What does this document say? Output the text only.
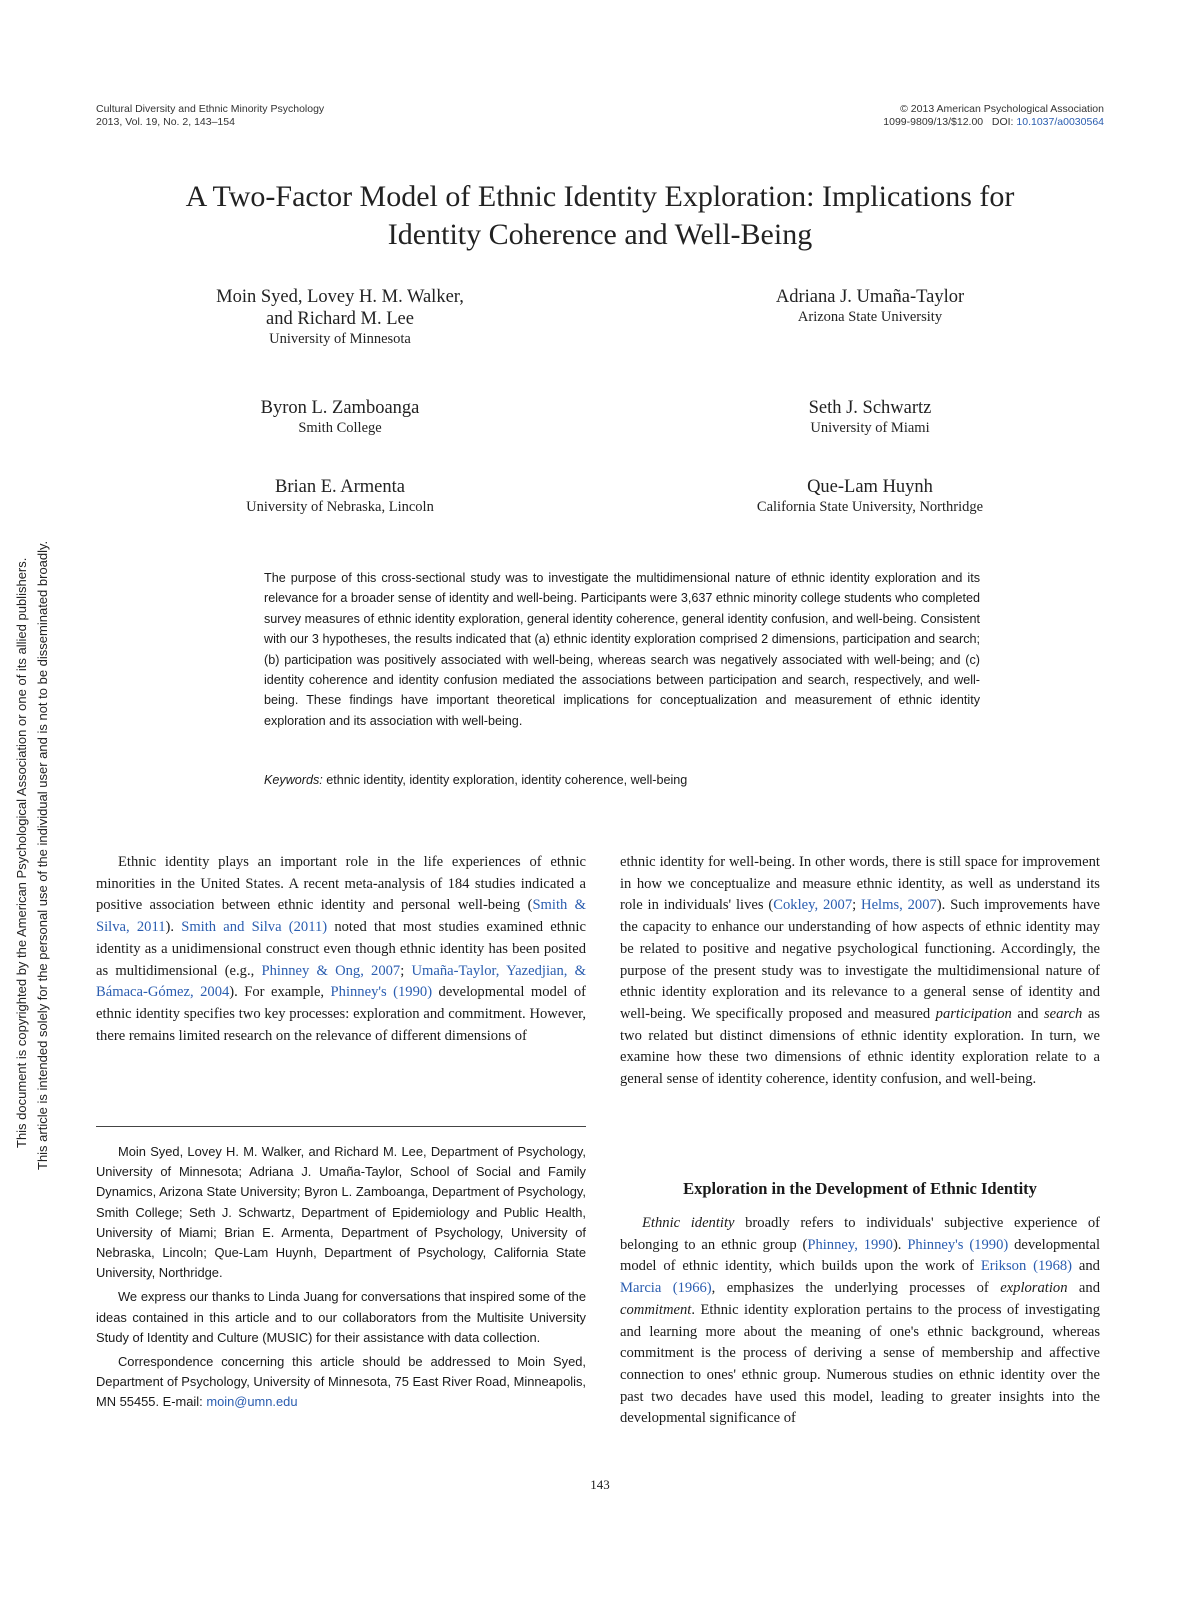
Cultural Diversity and Ethnic Minority Psychology
2013, Vol. 19, No. 2, 143–154
© 2013 American Psychological Association
1099-9809/13/$12.00 DOI: 10.1037/a0030564
A Two-Factor Model of Ethnic Identity Exploration: Implications for
Identity Coherence and Well-Being
Moin Syed, Lovey H. M. Walker,
and Richard M. Lee
University of Minnesota
Adriana J. Umaña-Taylor
Arizona State University
Byron L. Zamboanga
Smith College
Seth J. Schwartz
University of Miami
Brian E. Armenta
University of Nebraska, Lincoln
Que-Lam Huynh
California State University, Northridge
The purpose of this cross-sectional study was to investigate the multidimensional nature of ethnic identity exploration and its relevance for a broader sense of identity and well-being. Participants were 3,637 ethnic minority college students who completed survey measures of ethnic identity exploration, general identity coherence, general identity confusion, and well-being. Consistent with our 3 hypotheses, the results indicated that (a) ethnic identity exploration comprised 2 dimensions, participation and search; (b) participation was positively associated with well-being, whereas search was negatively associated with well-being; and (c) identity coherence and identity confusion mediated the associations between participation and search, respectively, and well-being. These findings have important theoretical implications for conceptualization and measurement of ethnic identity exploration and its association with well-being.
Keywords: ethnic identity, identity exploration, identity coherence, well-being

Ethnic identity plays an important role in the life experiences of ethnic minorities in the United States. A recent meta-analysis of 184 studies indicated a positive association between ethnic identity and personal well-being (Smith & Silva, 2011). Smith and Silva (2011) noted that most studies examined ethnic identity as a unidimensional construct even though ethnic identity has been posited as multidimensional (e.g., Phinney & Ong, 2007; Umaña-Taylor, Yazedjian, & Bámaca-Gómez, 2004). For example, Phinney's (1990) developmental model of ethnic identity specifies two key processes: exploration and commitment. However, there remains limited research on the relevance of different dimensions of

Moin Syed, Lovey H. M. Walker, and Richard M. Lee, Department of Psychology, University of Minnesota; Adriana J. Umaña-Taylor, School of Social and Family Dynamics, Arizona State University; Byron L. Zamboanga, Department of Psychology, Smith College; Seth J. Schwartz, Department of Epidemiology and Public Health, University of Miami; Brian E. Armenta, Department of Psychology, University of Nebraska, Lincoln; Que-Lam Huynh, Department of Psychology, California State University, Northridge.

We express our thanks to Linda Juang for conversations that inspired some of the ideas contained in this article and to our collaborators from the Multisite University Study of Identity and Culture (MUSIC) for their assistance with data collection.

Correspondence concerning this article should be addressed to Moin Syed, Department of Psychology, University of Minnesota, 75 East River Road, Minneapolis, MN 55455. E-mail: moin@umn.edu

ethnic identity for well-being. In other words, there is still space for improvement in how we conceptualize and measure ethnic identity, as well as understand its role in individuals' lives (Cokley, 2007; Helms, 2007). Such improvements have the capacity to enhance our understanding of how aspects of ethnic identity may be related to positive and negative psychological functioning. Accordingly, the purpose of the present study was to investigate the multidimensional nature of ethnic identity exploration and its relevance to a general sense of identity and well-being. We specifically proposed and measured participation and search as two related but distinct dimensions of ethnic identity exploration. In turn, we examine how these two dimensions of ethnic identity exploration relate to a general sense of identity coherence, identity confusion, and well-being.

Exploration in the Development of Ethnic Identity

Ethnic identity broadly refers to individuals' subjective experience of belonging to an ethnic group (Phinney, 1990). Phinney's (1990) developmental model of ethnic identity, which builds upon the work of Erikson (1968) and Marcia (1966), emphasizes the underlying processes of exploration and commitment. Ethnic identity exploration pertains to the process of investigating and learning more about the meaning of one's ethnic background, whereas commitment is the process of deriving a sense of membership and affective connection to ones' ethnic group. Numerous studies on ethnic identity over the past two decades have used this model, leading to greater insights into the developmental significance of

143
This document is copyrighted by the American Psychological Association or one of its allied publishers. This article is intended solely for the personal use of the individual user and is not to be disseminated broadly.
